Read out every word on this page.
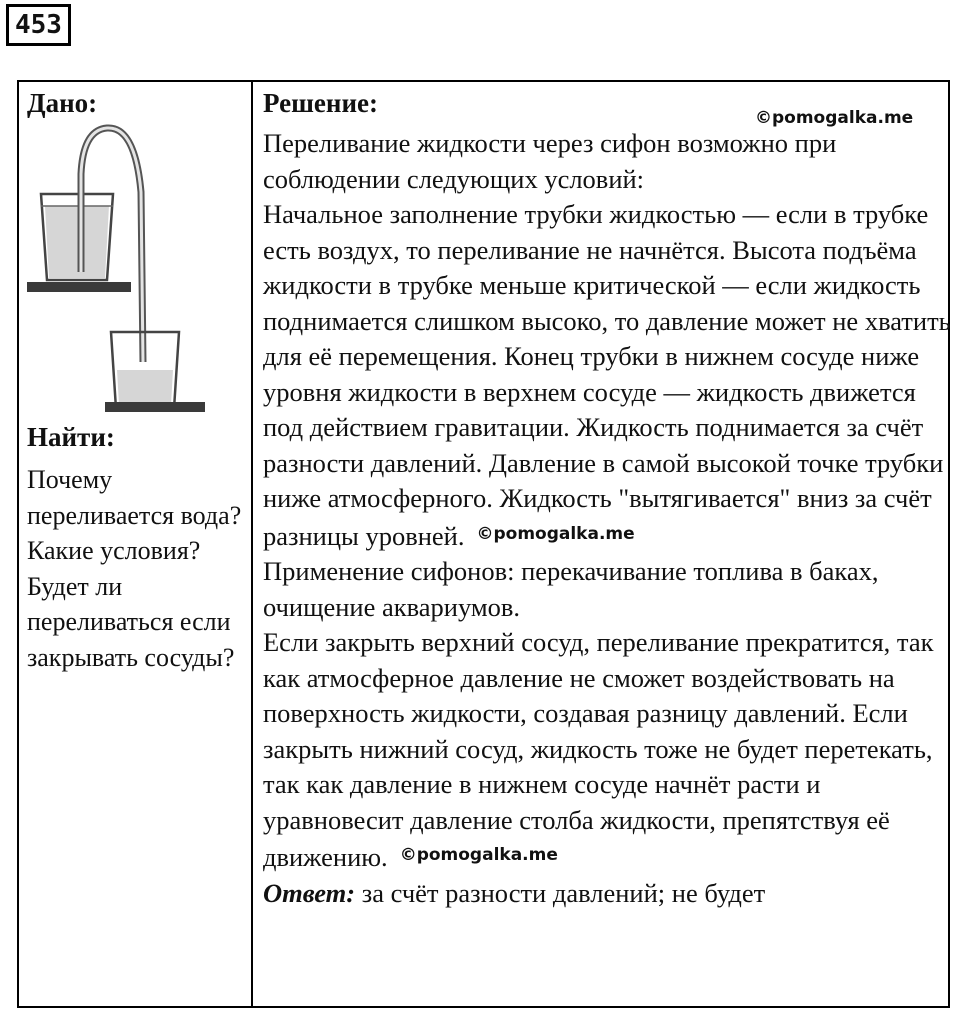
453
Дано:
Найти:
Почему переливается вода? Какие условия? Будет ли переливаться если закрывать сосуды?
Решение:	©pomogalka.me
Переливание жидкости через сифон возможно при соблюдении следующих условий:
Начальное заполнение трубки жидкостью — если в трубке есть воздух, то переливание не начнётся. Высота подъёма жидкости в трубке меньше критической — если жидкость поднимается слишком высоко, то давление может не хватить для её перемещения. Конец трубки в нижнем сосуде ниже уровня жидкости в верхнем сосуде — жидкость движется под действием гравитации. Жидкость поднимается за счёт разности давлений. Давление в самой высокой точке трубки ниже атмосферного. Жидкость "вытягивается" вниз за счёт разницы уровней. $^{©pomogalka.me}$
Применение сифонов: перекачивание топлива в баках, очищение аквариумов.
Если закрыть верхний сосуд, переливание прекратится, так как атмосферное давление не сможет воздействовать на поверхность жидкости, создавая разницу давлений. Если закрыть нижний сосуд, жидкость тоже не будет перетекать, так как давление в нижнем сосуде начнёт расти и уравновесит давление столба жидкости, препятствуя её движению. $^{©pomogalka.me}$
Ответ: за счёт разности давлений; не будет
